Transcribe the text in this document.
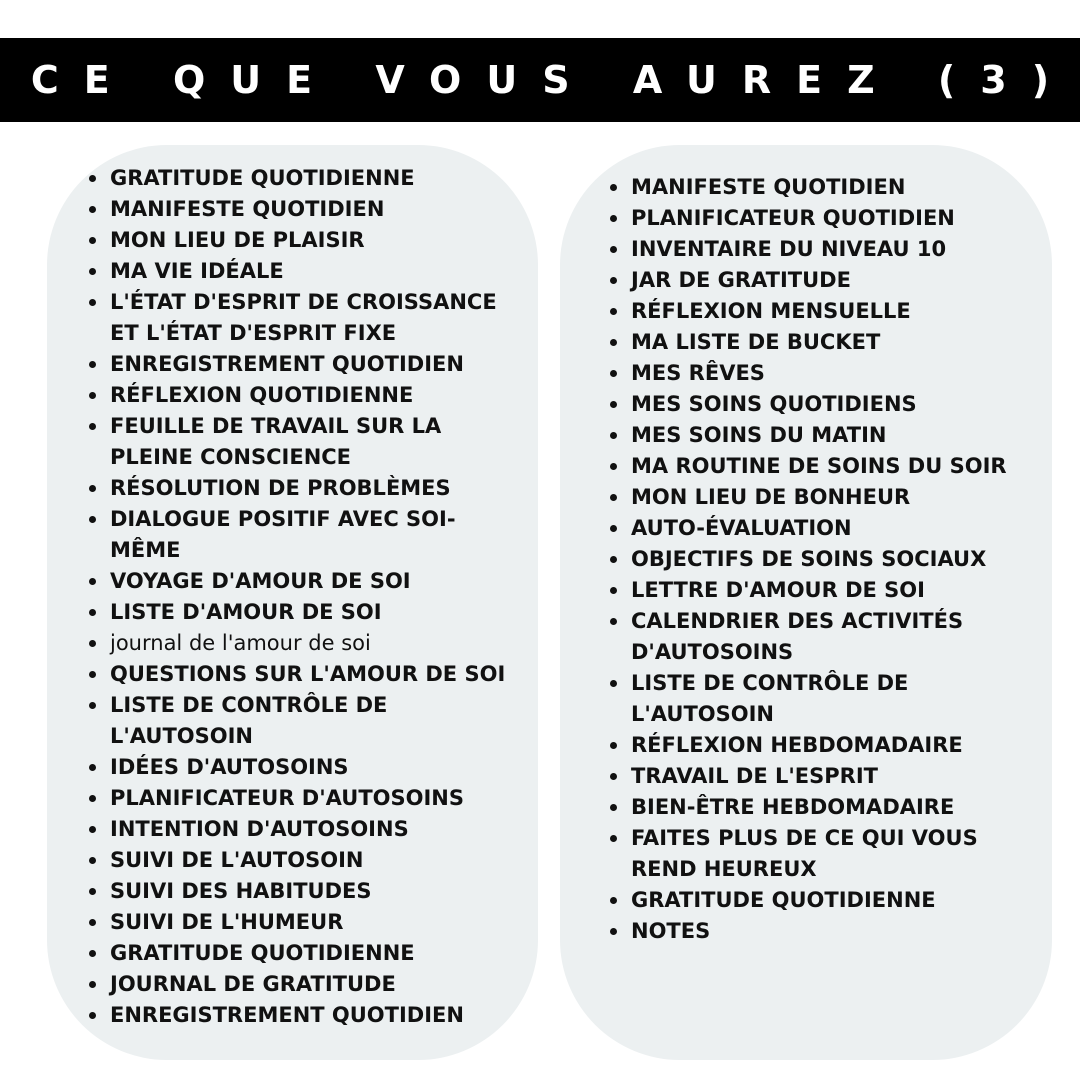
CE QUE VOUS AUREZ (3)
GRATITUDE QUOTIDIENNE
MANIFESTE QUOTIDIEN
MON LIEU DE PLAISIR
MA VIE IDÉALE
L'ÉTAT D'ESPRIT DE CROISSANCE
ET L'ÉTAT D'ESPRIT FIXE
ENREGISTREMENT QUOTIDIEN
RÉFLEXION QUOTIDIENNE
FEUILLE DE TRAVAIL SUR LA
PLEINE CONSCIENCE
RÉSOLUTION DE PROBLÈMES
DIALOGUE POSITIF AVEC SOI-
MÊME
VOYAGE D'AMOUR DE SOI
LISTE D'AMOUR DE SOI
journal de l'amour de soi
QUESTIONS SUR L'AMOUR DE SOI
LISTE DE CONTRÔLE DE
L'AUTOSOIN
IDÉES D'AUTOSOINS
PLANIFICATEUR D'AUTOSOINS
INTENTION D'AUTOSOINS
SUIVI DE L'AUTOSOIN
SUIVI DES HABITUDES
SUIVI DE L'HUMEUR
GRATITUDE QUOTIDIENNE
JOURNAL DE GRATITUDE
ENREGISTREMENT QUOTIDIEN
MANIFESTE QUOTIDIEN
PLANIFICATEUR QUOTIDIEN
INVENTAIRE DU NIVEAU 10
JAR DE GRATITUDE
RÉFLEXION MENSUELLE
MA LISTE DE BUCKET
MES RÊVES
MES SOINS QUOTIDIENS
MES SOINS DU MATIN
MA ROUTINE DE SOINS DU SOIR
MON LIEU DE BONHEUR
AUTO-ÉVALUATION
OBJECTIFS DE SOINS SOCIAUX
LETTRE D'AMOUR DE SOI
CALENDRIER DES ACTIVITÉS
D'AUTOSOINS
LISTE DE CONTRÔLE DE
L'AUTOSOIN
RÉFLEXION HEBDOMADAIRE
TRAVAIL DE L'ESPRIT
BIEN-ÊTRE HEBDOMADAIRE
FAITES PLUS DE CE QUI VOUS
REND HEUREUX
GRATITUDE QUOTIDIENNE
NOTES
